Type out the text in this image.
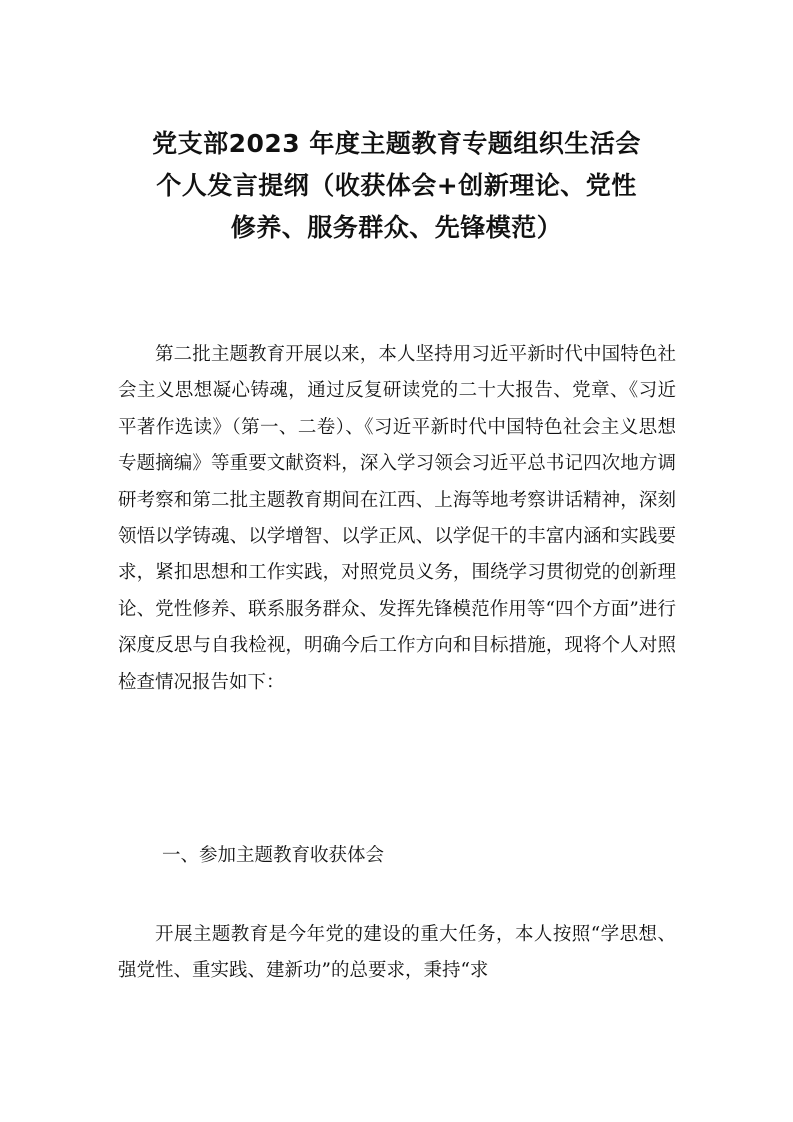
党支部2023 年度主题教育专题组织生活会
个人发言提纲（收获体会+创新理论、党性
修养、服务群众、先锋模范）
第二批主题教育开展以来，本人坚持用习近平新时代中国特色社会主义思想凝心铸魂，通过反复研读党的二十大报告、党章、《习近平著作选读》（第一、二卷）、《习近平新时代中国特色社会主义思想专题摘编》等重要文献资料，深入学习领会习近平总书记四次地方调研考察和第二批主题教育期间在江西、上海等地考察讲话精神，深刻领悟以学铸魂、以学增智、以学正风、以学促干的丰富内涵和实践要求，紧扣思想和工作实践，对照党员义务，围绕学习贯彻党的创新理论、党性修养、联系服务群众、发挥先锋模范作用等“四个方面”进行深度反思与自我检视，明确今后工作方向和目标措施，现将个人对照检查情况报告如下：
一、参加主题教育收获体会
开展主题教育是今年党的建设的重大任务，本人按照“学思想、强党性、重实践、建新功”的总要求，秉持“求
